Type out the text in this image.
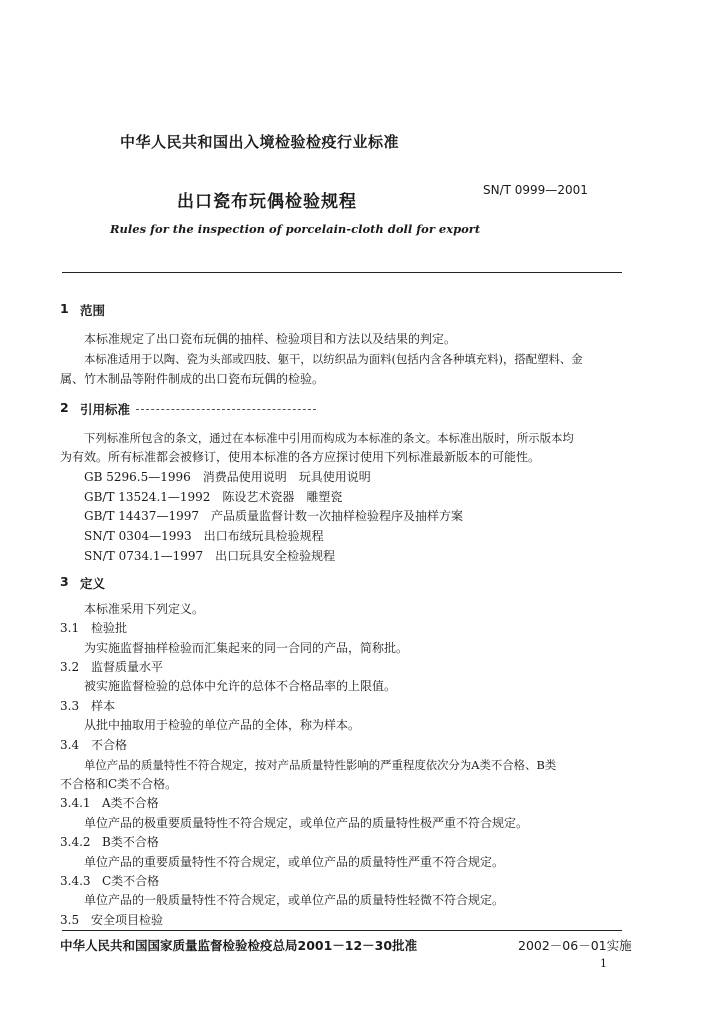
中华人民共和国出入境检验检疫行业标准
出口瓷布玩偶检验规程
SN/T 0999—2001
Rules for the inspection of porcelain-cloth doll for export
1 范围
本标准规定了出口瓷布玩偶的抽样、检验项目和方法以及结果的判定。
本标准适用于以陶、瓷为头部或四肢、躯干，以纺织品为面料(包括内含各种填充料)，搭配塑料、金
属、竹木制品等附件制成的出口瓷布玩偶的检验。
2 引用标准
下列标准所包含的条文，通过在本标准中引用而构成为本标准的条文。本标准出版时，所示版本均
为有效。所有标准都会被修订，使用本标准的各方应探讨使用下列标准最新版本的可能性。
GB 5296.5—1996　消费品使用说明　玩具使用说明
GB/T 13524.1—1992　陈设艺术瓷器　雕塑瓷
GB/T 14437—1997　产品质量监督计数一次抽样检验程序及抽样方案
SN/T 0304—1993　出口布绒玩具检验规程
SN/T 0734.1—1997　出口玩具安全检验规程
3 定义
本标准采用下列定义。
3.1 检验批
为实施监督抽样检验而汇集起来的同一合同的产品，简称批。
3.2 监督质量水平
被实施监督检验的总体中允许的总体不合格品率的上限值。
3.3 样本
从批中抽取用于检验的单位产品的全体，称为样本。
3.4 不合格
单位产品的质量特性不符合规定，按对产品质量特性影响的严重程度依次分为A类不合格、B类
不合格和C类不合格。
3.4.1 A类不合格
单位产品的极重要质量特性不符合规定，或单位产品的质量特性极严重不符合规定。
3.4.2 B类不合格
单位产品的重要质量特性不符合规定，或单位产品的质量特性严重不符合规定。
3.4.3 C类不合格
单位产品的一般质量特性不符合规定，或单位产品的质量特性轻微不符合规定。
3.5 安全项目检验
中华人民共和国国家质量监督检验检疫总局2001－12－30批准	2002－06－01实施
1
